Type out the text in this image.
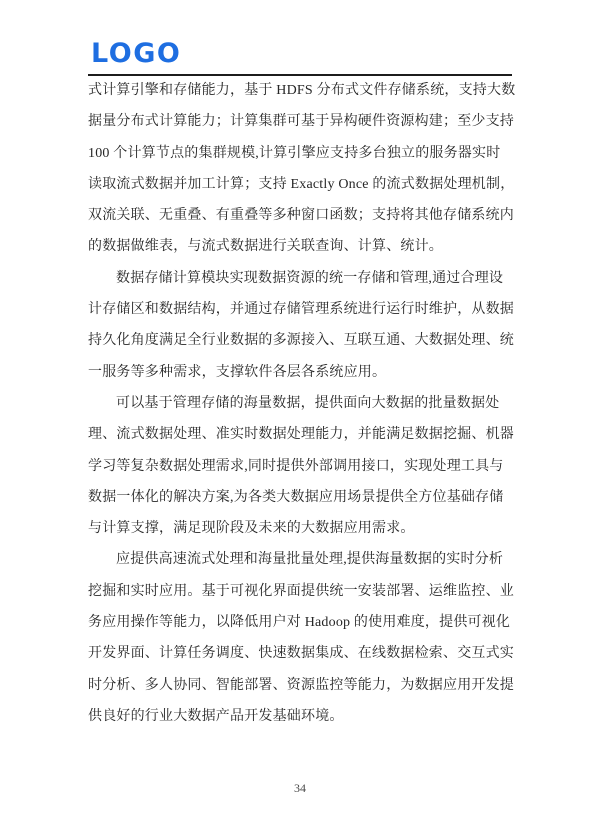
LOGO
式计算引擎和存储能力，基于 HDFS 分布式文件存储系统，支持大数
据量分布式计算能力；计算集群可基于异构硬件资源构建；至少支持
100 个计算节点的集群规模,计算引擎应支持多台独立的服务器实时
读取流式数据并加工计算；支持 Exactly Once 的流式数据处理机制，
双流关联、无重叠、有重叠等多种窗口函数；支持将其他存储系统内
的数据做维表，与流式数据进行关联查询、计算、统计。
数据存储计算模块实现数据资源的统一存储和管理,通过合理设
计存储区和数据结构，并通过存储管理系统进行运行时维护，从数据
持久化角度满足全行业数据的多源接入、互联互通、大数据处理、统
一服务等多种需求，支撑软件各层各系统应用。
可以基于管理存储的海量数据，提供面向大数据的批量数据处
理、流式数据处理、准实时数据处理能力，并能满足数据挖掘、机器
学习等复杂数据处理需求,同时提供外部调用接口，实现处理工具与
数据一体化的解决方案,为各类大数据应用场景提供全方位基础存储
与计算支撑，满足现阶段及未来的大数据应用需求。
应提供高速流式处理和海量批量处理,提供海量数据的实时分析
挖掘和实时应用。基于可视化界面提供统一安装部署、运维监控、业
务应用操作等能力，以降低用户对 Hadoop 的使用难度，提供可视化
开发界面、计算任务调度、快速数据集成、在线数据检索、交互式实
时分析、多人协同、智能部署、资源监控等能力，为数据应用开发提
供良好的行业大数据产品开发基础环境。
34
